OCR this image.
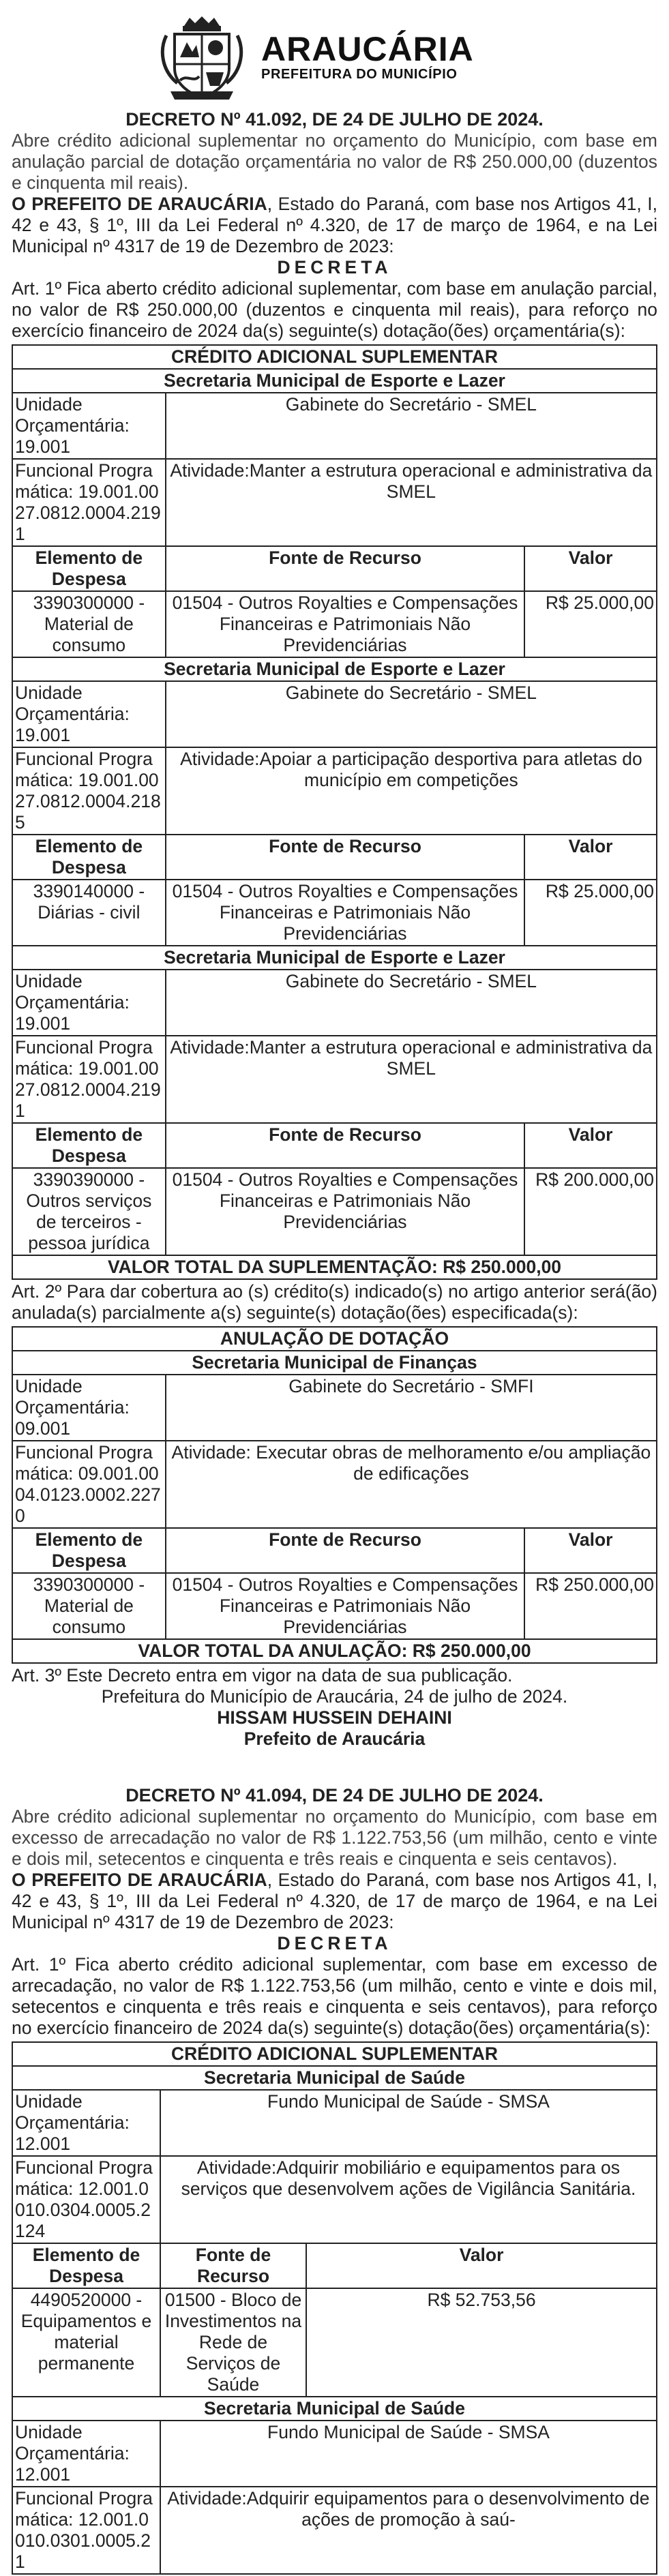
ARAUCÁRIA
PREFEITURA DO MUNICÍPIO

DECRETO Nº 41.092, DE 24 DE JULHO DE 2024.

Abre crédito adicional suplementar no orçamento do Município, com base em anulação parcial de dotação orçamentária no valor de R$ 250.000,00 (duzentos e cinquenta mil reais).

O PREFEITO DE ARAUCÁRIA, Estado do Paraná, com base nos Artigos 41, I, 42 e 43, § 1º, III da Lei Federal nº 4.320, de 17 de março de 1964, e na Lei Municipal nº 4317 de 19 de Dezembro de 2023:

DECRETA

Art. 1º Fica aberto crédito adicional suplementar, com base em anulação parcial, no valor de R$ 250.000,00 (duzentos e cinquenta mil reais), para reforço no exercício financeiro de 2024 da(s) seguinte(s) dotação(ões) orçamentária(s):

CRÉDITO ADICIONAL SUPLEMENTAR		
Secretaria Municipal de Esporte e Lazer		
Unidade Orçamentária: 19.001	Gabinete do Secretário - SMEL	
Funcional Programática: 19.001.0027.0812.0004.2191	Atividade:Manter a estrutura operacional e administrativa da SMEL	
Elemento de Despesa	Fonte de Recurso	Valor
3390300000 - Material de consumo	01504 - Outros Royalties e Compensações Financeiras e Patrimoniais Não Previdenciárias	R$ 25.000,00
Secretaria Municipal de Esporte e Lazer		
Unidade Orçamentária: 19.001	Gabinete do Secretário - SMEL	
Funcional Programática: 19.001.0027.0812.0004.2185	Atividade:Apoiar a participação desportiva para atletas do município em competições	
Elemento de Despesa	Fonte de Recurso	Valor
3390140000 - Diárias - civil	01504 - Outros Royalties e Compensações Financeiras e Patrimoniais Não Previdenciárias	R$ 25.000,00
Secretaria Municipal de Esporte e Lazer		
Unidade Orçamentária: 19.001	Gabinete do Secretário - SMEL	
Funcional Programática: 19.001.0027.0812.0004.2191	Atividade:Manter a estrutura operacional e administrativa da SMEL	
Elemento de Despesa	Fonte de Recurso	Valor
3390390000 - Outros serviços de terceiros - pessoa jurídica	01504 - Outros Royalties e Compensações Financeiras e Patrimoniais Não Previdenciárias	R$ 200.000,00
VALOR TOTAL DA SUPLEMENTAÇÃO: R$ 250.000,00		

Art. 2º Para dar cobertura ao (s) crédito(s) indicado(s) no artigo anterior será(ão) anulada(s) parcialmente a(s) seguinte(s) dotação(ões) especificada(s):

ANULAÇÃO DE DOTAÇÃO		
Secretaria Municipal de Finanças		
Unidade Orçamentária: 09.001	Gabinete do Secretário - SMFI	
Funcional Programática: 09.001.0004.0123.0002.2270	Atividade: Executar obras de melhoramento e/ou ampliação de edificações	
Elemento de Despesa	Fonte de Recurso	Valor
3390300000 - Material de consumo	01504 - Outros Royalties e Compensações Financeiras e Patrimoniais Não Previdenciárias	R$ 250.000,00
VALOR TOTAL DA ANULAÇÃO: R$ 250.000,00		

Art. 3º Este Decreto entra em vigor na data de sua publicação.

Prefeitura do Município de Araucária, 24 de julho de 2024.

HISSAM HUSSEIN DEHAINI

Prefeito de Araucária

DECRETO Nº 41.094, DE 24 DE JULHO DE 2024.

Abre crédito adicional suplementar no orçamento do Município, com base em excesso de arrecadação no valor de R$ 1.122.753,56 (um milhão, cento e vinte e dois mil, setecentos e cinquenta e três reais e cinquenta e seis centavos).

O PREFEITO DE ARAUCÁRIA, Estado do Paraná, com base nos Artigos 41, I, 42 e 43, § 1º, III da Lei Federal nº 4.320, de 17 de março de 1964, e na Lei Municipal nº 4317 de 19 de Dezembro de 2023:

DECRETA

Art. 1º Fica aberto crédito adicional suplementar, com base em excesso de arrecadação, no valor de R$ 1.122.753,56 (um milhão, cento e vinte e dois mil, setecentos e cinquenta e três reais e cinquenta e seis centavos), para reforço no exercício financeiro de 2024 da(s) seguinte(s) dotação(ões) orçamentária(s):

CRÉDITO ADICIONAL SUPLEMENTAR		
Secretaria Municipal de Saúde		
Unidade Orçamentária: 12.001	Fundo Municipal de Saúde - SMSA	
Funcional Programática: 12.001.0010.0304.0005.2124	Atividade:Adquirir mobiliário e equipamentos para os serviços que desenvolvem ações de Vigilância Sanitária.	
Elemento de Despesa	Fonte de Recurso	Valor
4490520000 - Equipamentos e material permanente	01500 - Bloco de Investimentos na Rede de Serviços de Saúde	R$ 52.753,56
Secretaria Municipal de Saúde		
Unidade Orçamentária: 12.001	Fundo Municipal de Saúde - SMSA	
Funcional Programática: 12.001.0010.0301.0005.21	Atividade:Adquirir equipamentos para o desenvolvimento de ações de promoção à saú-	
